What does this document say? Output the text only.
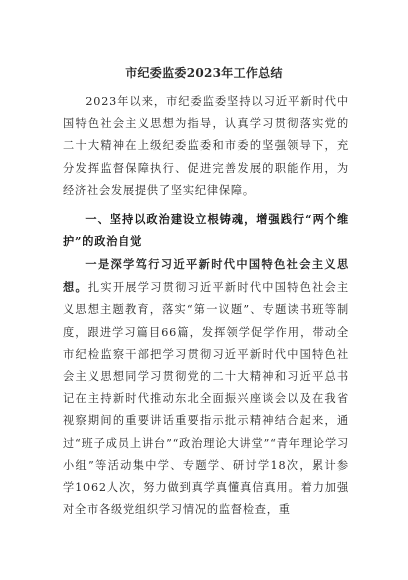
市纪委监委2023年工作总结

2023年以来，市纪委监委坚持以习近平新时代中国特色社会主义思想为指导，认真学习贯彻落实党的二十大精神在上级纪委监委和市委的坚强领导下，充分发挥监督保障执行、促进完善发展的职能作用，为经济社会发展提供了坚实纪律保障。

一、坚持以政治建设立根铸魂，增强践行“两个维护”的政治自觉

一是深学笃行习近平新时代中国特色社会主义思想。扎实开展学习贯彻习近平新时代中国特色社会主义思想主题教育，落实“第一议题”、专题读书班等制度，跟进学习篇目66篇，发挥领学促学作用，带动全市纪检监察干部把学习贯彻习近平新时代中国特色社会主义思想同学习贯彻党的二十大精神和习近平总书记在主持新时代推动东北全面振兴座谈会以及在我省视察期间的重要讲话重要指示批示精神结合起来，通过“班子成员上讲台”“政治理论大讲堂”“青年理论学习小组”等活动集中学、专题学、研讨学18次，累计参学1062人次，努力做到真学真懂真信真用。着力加强对全市各级党组织学习情况的监督检查，重
